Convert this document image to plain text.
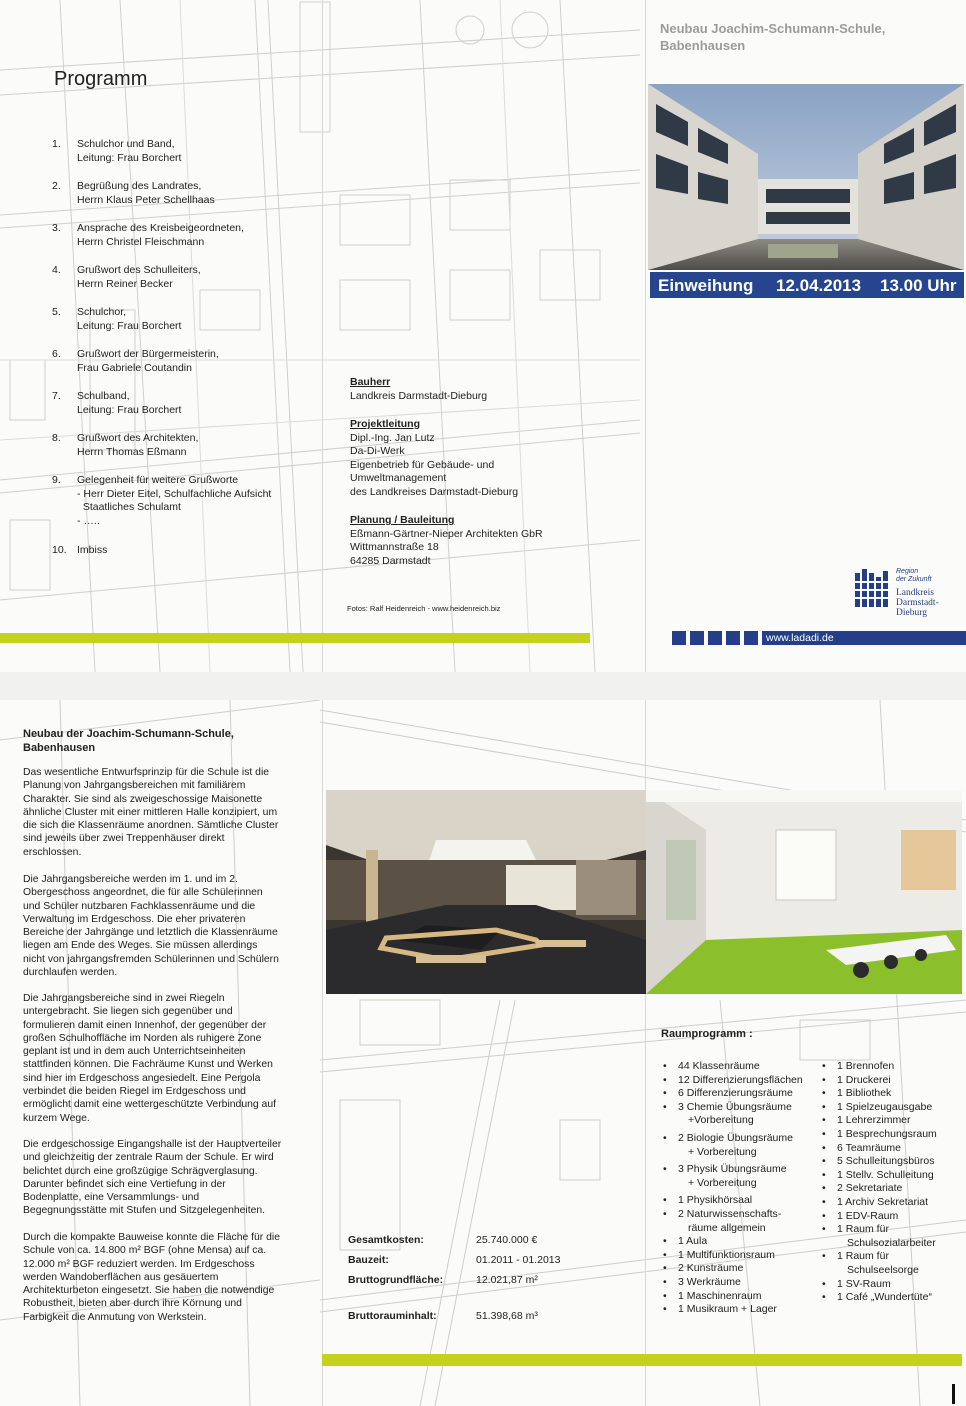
Programm
1.	Schulchor und Band,
Leitung: Frau Borchert
2.	Begrüßung des Landrates,
Herrn Klaus Peter Schellhaas
3.	Ansprache des Kreisbeigeordneten,
Herrn Christel Fleischmann
4.	Grußwort des Schulleiters,
Herrn Reiner Becker
5.	Schulchor,
Leitung: Frau Borchert
6.	Grußwort der Bürgermeisterin,
Frau Gabriele Coutandin
7.	Schulband,
Leitung: Frau Borchert
8.	Grußwort des Architekten,
Herrn Thomas Eßmann
9.	Gelegenheit für weitere Grußworte
- Herr Dieter Eitel, Schulfachliche Aufsicht
Staatliches Schulamt
- …..
10. Imbiss
Bauherr
Landkreis Darmstadt-Dieburg
Projektleitung
Dipl.-Ing. Jan Lutz
Da-Di-Werk
Eigenbetrieb für Gebäude- und
Umweltmanagement
des Landkreises Darmstadt-Dieburg
Planung / Bauleitung
Eßmann-Gärtner-Nieper Architekten GbR
Wittmannstraße 18
64285 Darmstadt
Fotos: Ralf Heidenreich - www.heidenreich.biz
Neubau Joachim-Schumann-Schule,
Babenhausen
Einweihung 12.04.2013 13.00 Uhr
Region
der Zukunft
Landkreis
Darmstadt-Dieburg
www.ladadi.de
Neubau der Joachim-Schumann-Schule,
Babenhausen
Das wesentliche Entwurfsprinzip für die Schule ist die
Planung von Jahrgangsbereichen mit familiärem
Charakter. Sie sind als zweigeschossige Maisonette
ähnliche Cluster mit einer mittleren Halle konzipiert, um
die sich die Klassenräume anordnen. Sämtliche Cluster
sind jeweils über zwei Treppenhäuser direkt
erschlossen.
Die Jahrgangsbereiche werden im 1. und im 2.
Obergeschoss angeordnet, die für alle Schülerinnen
und Schüler nutzbaren Fachklassenräume und die
Verwaltung im Erdgeschoss. Die eher privateren
Bereiche der Jahrgänge und letztlich die Klassenräume
liegen am Ende des Weges. Sie müssen allerdings
nicht von jahrgangsfremden Schülerinnen und Schülern
durchlaufen werden.
Die Jahrgangsbereiche sind in zwei Riegeln
untergebracht. Sie liegen sich gegenüber und
formulieren damit einen Innenhof, der gegenüber der
großen Schulhoffläche im Norden als ruhigere Zone
geplant ist und in dem auch Unterrichtseinheiten
stattfinden können. Die Fachräume Kunst und Werken
sind hier im Erdgeschoss angesiedelt. Eine Pergola
verbindet die beiden Riegel im Erdgeschoss und
ermöglicht damit eine wettergeschützte Verbindung auf
kurzem Wege.
Die erdgeschossige Eingangshalle ist der Hauptverteiler
und gleichzeitig der zentrale Raum der Schule. Er wird
belichtet durch eine großzügige Schrägverglasung.
Darunter befindet sich eine Vertiefung in der
Bodenplatte, eine Versammlungs- und
Begegnungsstätte mit Stufen und Sitzgelegenheiten.
Durch die kompakte Bauweise konnte die Fläche für die
Schule von ca. 14.800 m² BGF (ohne Mensa) auf ca.
12.000 m² BGF reduziert werden. Im Erdgeschoss
werden Wandoberflächen aus gesäuertem
Architekturbeton eingesetzt. Sie haben die notwendige
Robustheit, bieten aber durch ihre Körnung und
Farbigkeit die Anmutung von Werkstein.
Gesamtkosten:	25.740.000 €
Bauzeit:	01.2011 - 01.2013
Bruttogrundfläche:	12.021,87 m²
Bruttorauminhalt:	51.398,68 m³
Raumprogramm :
• 44 Klassenräume
• 12 Differenzierungsflächen
• 6 Differenzierungsräume
• 3 Chemie Übungsräume
+Vorbereitung
• 2 Biologie Übungsräume
+ Vorbereitung
• 3 Physik Übungsräume
+ Vorbereitung
• 1 Physikhörsaal
• 2 Naturwissenschafts-
räume allgemein
• 1 Aula
• 1 Multifunktionsraum
• 2 Kunsträume
• 3 Werkräume
• 1 Maschinenraum
• 1 Musikraum + Lager
• 1 Brennofen
• 1 Druckerei
• 1 Bibliothek
• 1 Spielzeugausgabe
• 1 Lehrerzimmer
• 1 Besprechungsraum
• 6 Teamräume
• 5 Schulleitungsbüros
• 1 Stellv. Schulleitung
• 2 Sekretariate
• 1 Archiv Sekretariat
• 1 EDV-Raum
• 1 Raum für
Schulsozialarbeiter
• 1 Raum für
Schulseelsorge
• 1 SV-Raum
• 1 Café „Wundertüte“
